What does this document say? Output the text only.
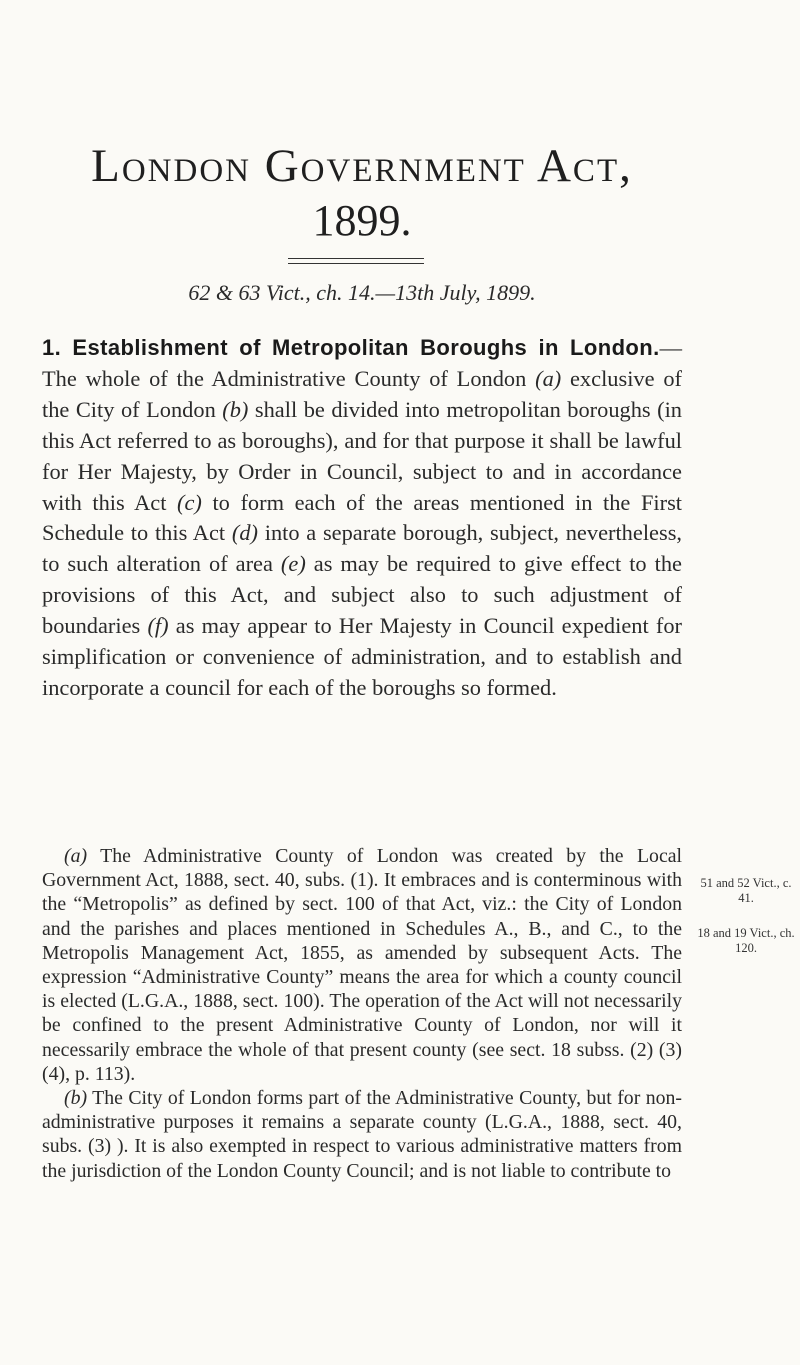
London Government Act,
1899.
62 & 63 Vict., ch. 14.—13th July, 1899.
1. Establishment of Metropolitan Boroughs in London.—The whole of the Administrative County of London (a) exclusive of the City of London (b) shall be divided into metropolitan boroughs (in this Act referred to as boroughs), and for that purpose it shall be lawful for Her Majesty, by Order in Council, subject to and in accordance with this Act (c) to form each of the areas mentioned in the First Schedule to this Act (d) into a separate borough, subject, nevertheless, to such alteration of area (e) as may be required to give effect to the provisions of this Act, and subject also to such adjustment of boundaries (f) as may appear to Her Majesty in Council expedient for simplification or convenience of administration, and to establish and incorporate a council for each of the boroughs so formed.

(a) The Administrative County of London was created by the Local Government Act, 1888, sect. 40, subs. (1). It embraces and is conterminous with the “Metropolis” as defined by sect. 100 of that Act, viz.: the City of London and the parishes and places mentioned in Schedules A., B., and C., to the Metropolis Management Act, 1855, as amended by subsequent Acts. The expression “Administrative County” means the area for which a county council is elected (L.G.A., 1888, sect. 100). The operation of the Act will not necessarily be confined to the present Administrative County of London, nor will it necessarily embrace the whole of that present county (see sect. 18 subss. (2) (3) (4), p. 113).

(b) The City of London forms part of the Administrative County, but for non-administrative purposes it remains a separate county (L.G.A., 1888, sect. 40, subs. (3) ). It is also exempted in respect to various administrative matters from the jurisdiction of the London County Council; and is not liable to contribute to

51 and 52 Vict., c. 41.
18 and 19 Vict., ch. 120.
